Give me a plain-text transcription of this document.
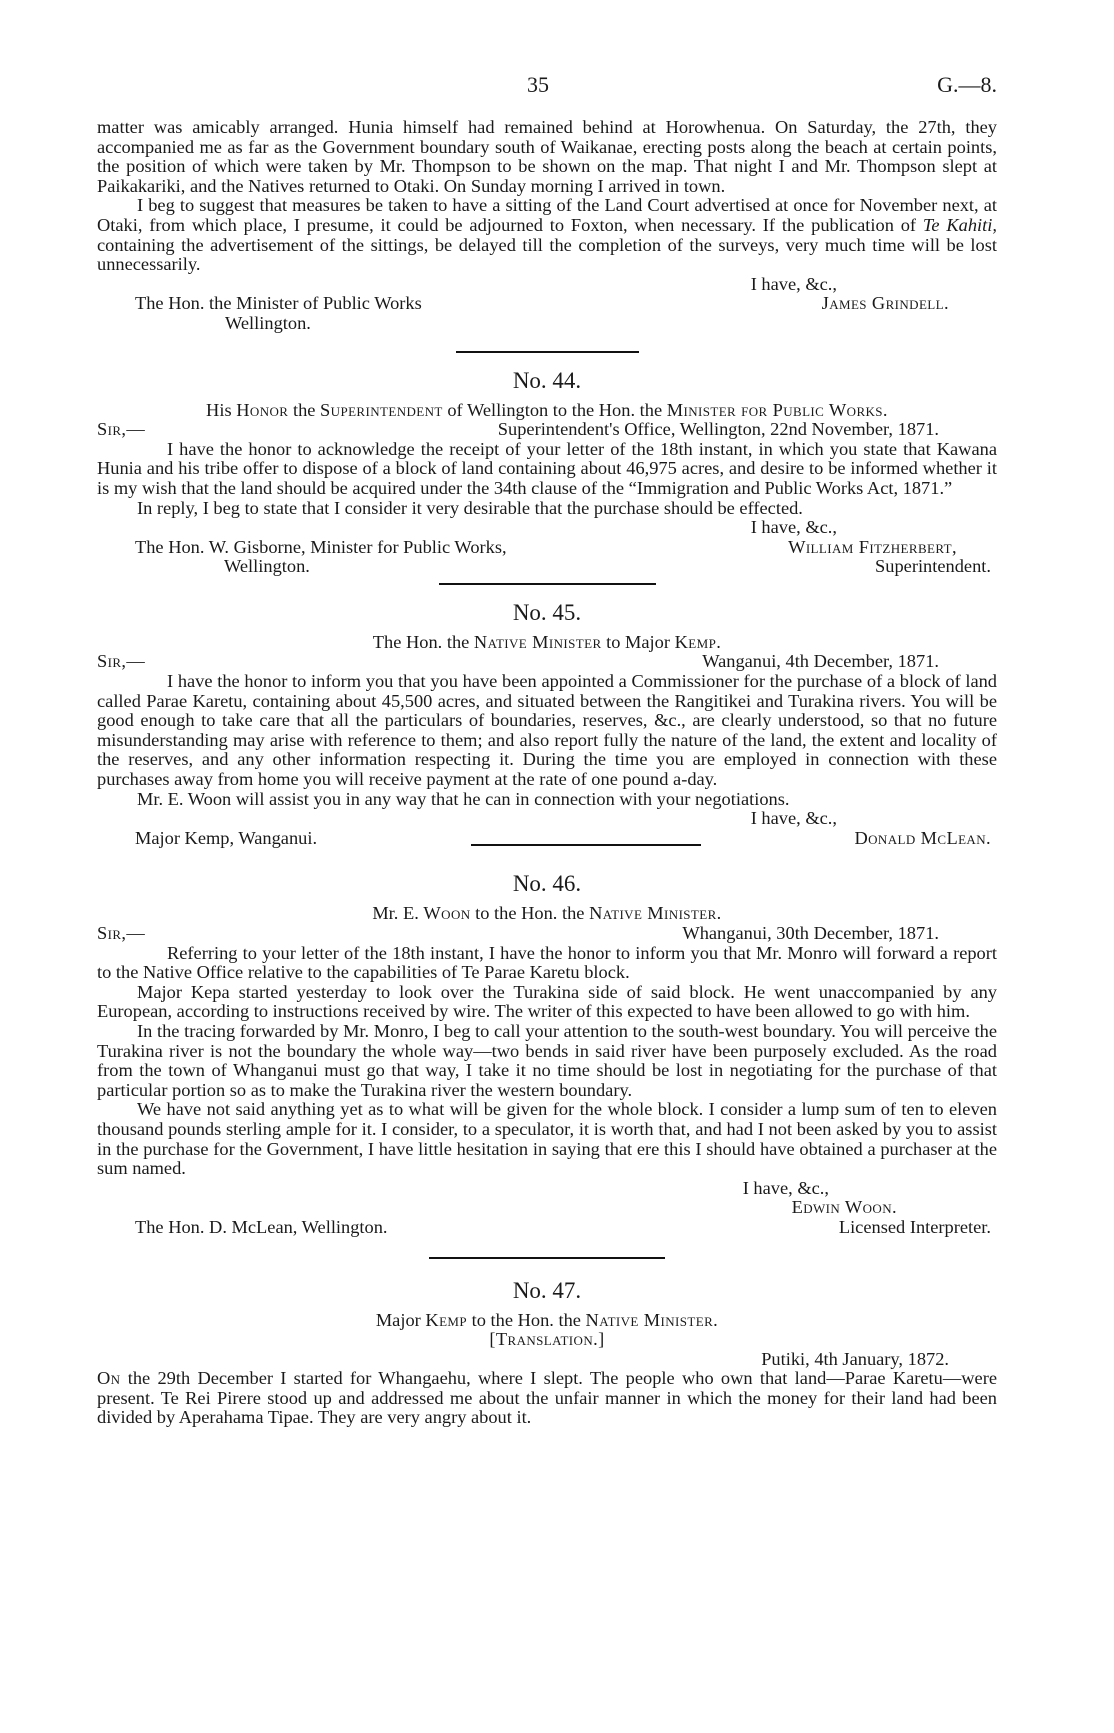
35	G.—8.

matter was amicably arranged. Hunia himself had remained behind at Horowhenua. On Saturday, the 27th, they accompanied me as far as the Government boundary south of Waikanae, erecting posts along the beach at certain points, the position of which were taken by Mr. Thompson to be shown on the map. That night I and Mr. Thompson slept at Paikakariki, and the Natives returned to Otaki. On Sunday morning I arrived in town.

I beg to suggest that measures be taken to have a sitting of the Land Court advertised at once for November next, at Otaki, from which place, I presume, it could be adjourned to Foxton, when necessary. If the publication of Te Kahiti, containing the advertisement of the sittings, be delayed till the completion of the surveys, very much time will be lost unnecessarily.

I have, &c.,

The Hon. the Minister of Public Works	James Grindell.

Wellington.

No. 44.

His Honor the Superintendent of Wellington to the Hon. the Minister for Public Works.

Sir,—	Superintendent's Office, Wellington, 22nd November, 1871.

I have the honor to acknowledge the receipt of your letter of the 18th instant, in which you state that Kawana Hunia and his tribe offer to dispose of a block of land containing about 46,975 acres, and desire to be informed whether it is my wish that the land should be acquired under the 34th clause of the “Immigration and Public Works Act, 1871.”

In reply, I beg to state that I consider it very desirable that the purchase should be effected.

I have, &c.,

The Hon. W. Gisborne, Minister for Public Works,	William Fitzherbert,
Wellington.	Superintendent.
No. 45.

The Hon. the Native Minister to Major Kemp.

Sir,—	Wanganui, 4th December, 1871.

I have the honor to inform you that you have been appointed a Commissioner for the purchase of a block of land called Parae Karetu, containing about 45,500 acres, and situated between the Rangitikei and Turakina rivers. You will be good enough to take care that all the particulars of boundaries, reserves, &c., are clearly understood, so that no future misunderstanding may arise with reference to them; and also report fully the nature of the land, the extent and locality of the reserves, and any other information respecting it. During the time you are employed in connection with these purchases away from home you will receive payment at the rate of one pound a-day.

Mr. E. Woon will assist you in any way that he can in connection with your negotiations.

I have, &c.,

Major Kemp, Wanganui.	Donald McLean.
No. 46.

Mr. E. Woon to the Hon. the Native Minister.

Sir,—	Whanganui, 30th December, 1871.

Referring to your letter of the 18th instant, I have the honor to inform you that Mr. Monro will forward a report to the Native Office relative to the capabilities of Te Parae Karetu block.

Major Kepa started yesterday to look over the Turakina side of said block. He went unaccompanied by any European, according to instructions received by wire. The writer of this expected to have been allowed to go with him.

In the tracing forwarded by Mr. Monro, I beg to call your attention to the south-west boundary. You will perceive the Turakina river is not the boundary the whole way—two bends in said river have been purposely excluded. As the road from the town of Whanganui must go that way, I take it no time should be lost in negotiating for the purchase of that particular portion so as to make the Turakina river the western boundary.

We have not said anything yet as to what will be given for the whole block. I consider a lump sum of ten to eleven thousand pounds sterling ample for it. I consider, to a speculator, it is worth that, and had I not been asked by you to assist in the purchase for the Government, I have little hesitation in saying that ere this I should have obtained a purchaser at the sum named.

I have, &c.,

Edwin Woon.

The Hon. D. McLean, Wellington.	Licensed Interpreter.
No. 47.

Major Kemp to the Hon. the Native Minister.

[Translation.]

Putiki, 4th January, 1872.

On the 29th December I started for Whangaehu, where I slept. The people who own that land—Parae Karetu—were present. Te Rei Pirere stood up and addressed me about the unfair manner in which the money for their land had been divided by Aperahama Tipae. They are very angry about it.
